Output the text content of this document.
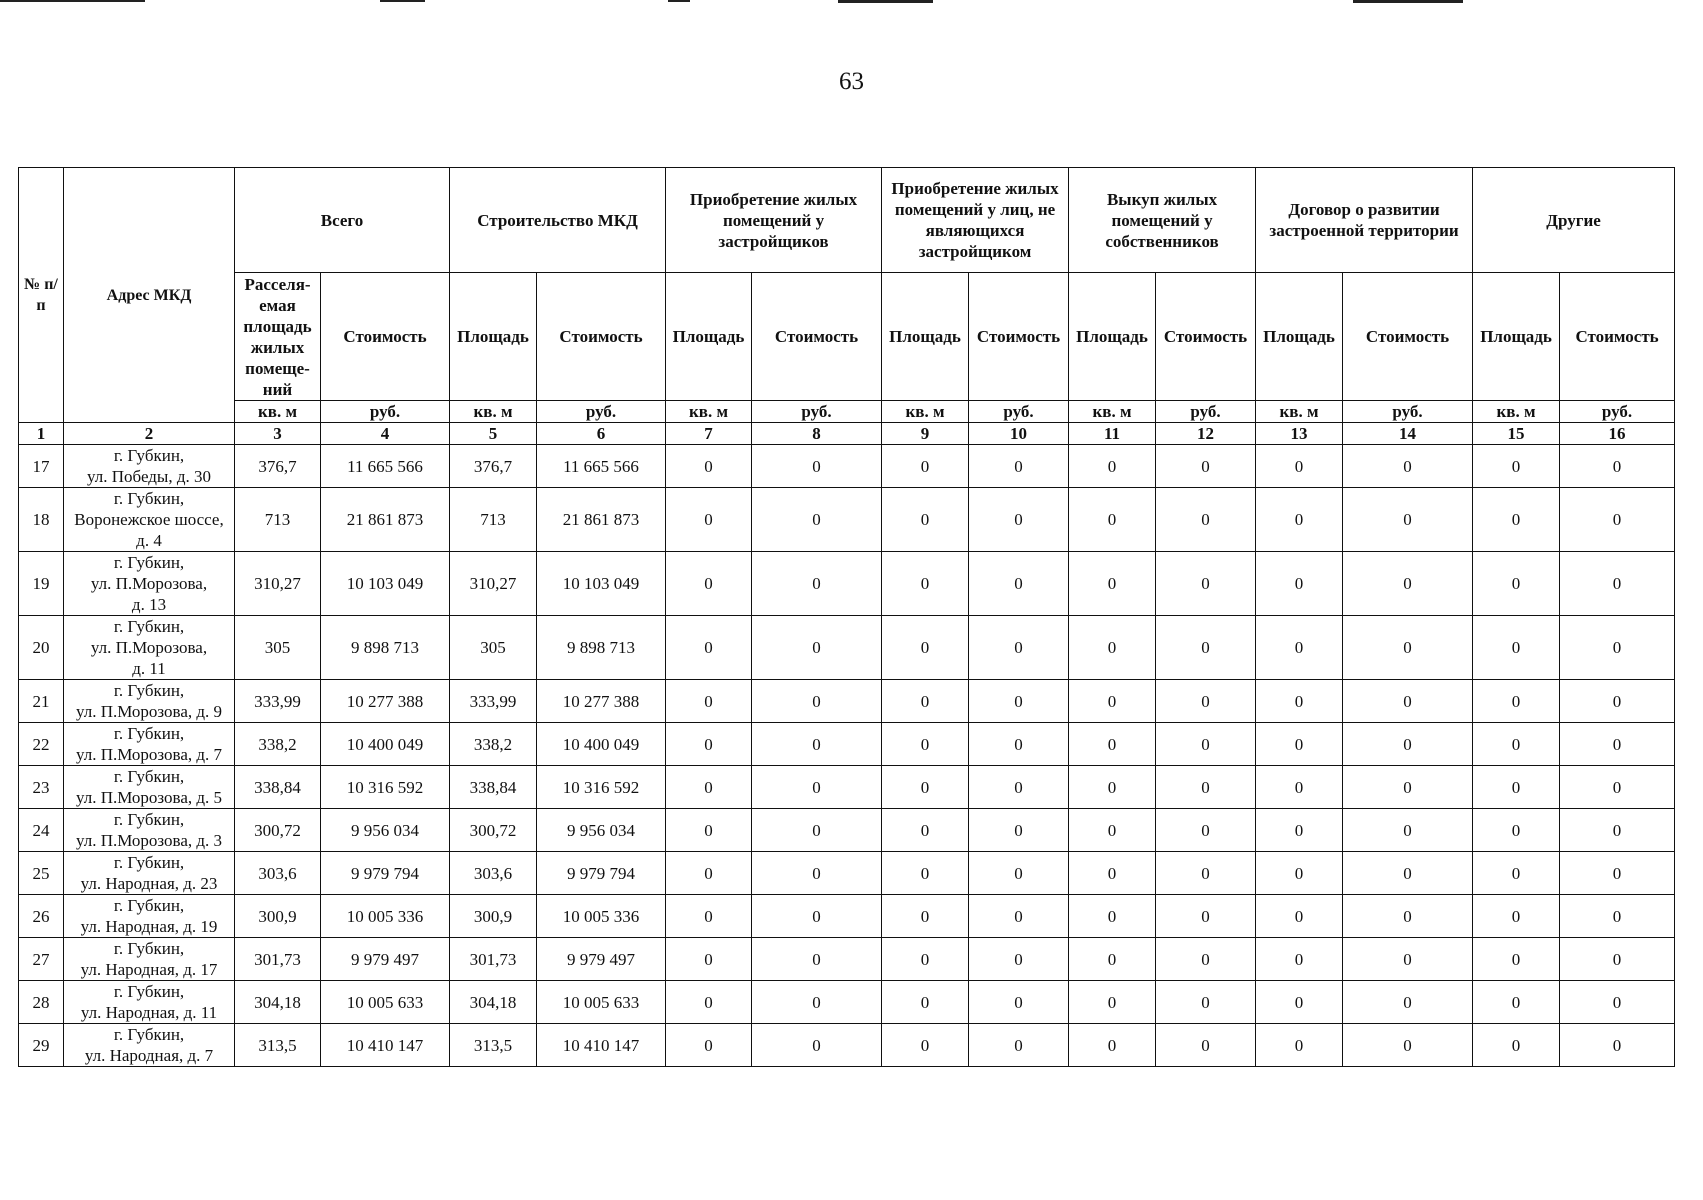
63
№ п/п	Адрес МКД	Всего		Строительство МКД		Приобретение жилых помещений у застройщиков		Приобретение жилых помещений у лиц, не являющихся застройщиком		Выкуп жилых помещений у собственников		Договор о развитии застроенной территории		Другие	
		Расселя-емая площадь жилых помеще-ний	Стоимость	Площадь	Стоимость	Площадь	Стоимость	Площадь	Стоимость	Площадь	Стоимость	Площадь	Стоимость	Площадь	Стоимость
		кв. м	руб.	кв. м	руб.	кв. м	руб.	кв. м	руб.	кв. м	руб.	кв. м	руб.	кв. м	руб.
1	2	3	4	5	6	7	8	9	10	11	12	13	14	15	16
17	г. Губкин,
ул. Победы, д. 30	376,7	11 665 566	376,7	11 665 566	0	0	0	0	0	0	0	0	0	0
18	г. Губкин,
Воронежское шоссе,
д. 4	713	21 861 873	713	21 861 873	0	0	0	0	0	0	0	0	0	0
19	г. Губкин,
ул. П.Морозова,
д. 13	310,27	10 103 049	310,27	10 103 049	0	0	0	0	0	0	0	0	0	0
20	г. Губкин,
ул. П.Морозова,
д. 11	305	9 898 713	305	9 898 713	0	0	0	0	0	0	0	0	0	0
21	г. Губкин,
ул. П.Морозова, д. 9	333,99	10 277 388	333,99	10 277 388	0	0	0	0	0	0	0	0	0	0
22	г. Губкин,
ул. П.Морозова, д. 7	338,2	10 400 049	338,2	10 400 049	0	0	0	0	0	0	0	0	0	0
23	г. Губкин,
ул. П.Морозова, д. 5	338,84	10 316 592	338,84	10 316 592	0	0	0	0	0	0	0	0	0	0
24	г. Губкин,
ул. П.Морозова, д. 3	300,72	9 956 034	300,72	9 956 034	0	0	0	0	0	0	0	0	0	0
25	г. Губкин,
ул. Народная, д. 23	303,6	9 979 794	303,6	9 979 794	0	0	0	0	0	0	0	0	0	0
26	г. Губкин,
ул. Народная, д. 19	300,9	10 005 336	300,9	10 005 336	0	0	0	0	0	0	0	0	0	0
27	г. Губкин,
ул. Народная, д. 17	301,73	9 979 497	301,73	9 979 497	0	0	0	0	0	0	0	0	0	0
28	г. Губкин,
ул. Народная, д. 11	304,18	10 005 633	304,18	10 005 633	0	0	0	0	0	0	0	0	0	0
29	г. Губкин,
ул. Народная, д. 7	313,5	10 410 147	313,5	10 410 147	0	0	0	0	0	0	0	0	0	0
